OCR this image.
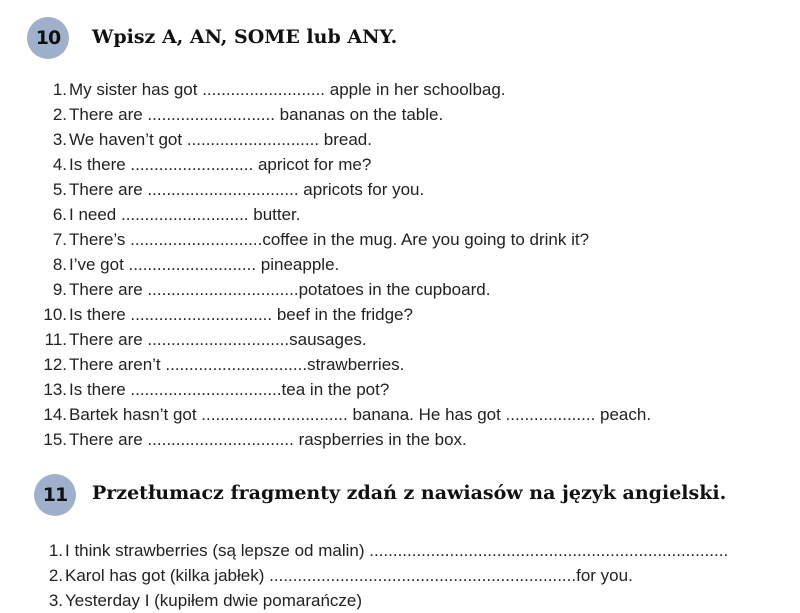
10 Wpisz A, AN, SOME lub ANY.
1. My sister has got .......................... apple in her schoolbag.
2. There are ........................... bananas on the table.
3. We haven’t got ............................ bread.
4. Is there .......................... apricot for me?
5. There are ................................ apricots for you.
6. I need ........................... butter.
7. There’s ............................coffee in the mug. Are you going to drink it?
8. I’ve got ........................... pineapple.
9. There are ................................potatoes in the cupboard.
10. Is there .............................. beef in the fridge?
11. There are ..............................sausages.
12. There aren’t ..............................strawberries.
13. Is there ................................tea in the pot?
14. Bartek hasn’t got ............................... banana. He has got ................... peach.
15. There are ............................... raspberries in the box.
11 Przetłumacz fragmenty zdań z nawiasów na język angielski.
1. I think strawberries (są lepsze od malin) ............................................................................
2. Karol has got (kilka jabłek) .................................................................for you.
3. Yesterday I (kupiłem dwie pomarańcze)
